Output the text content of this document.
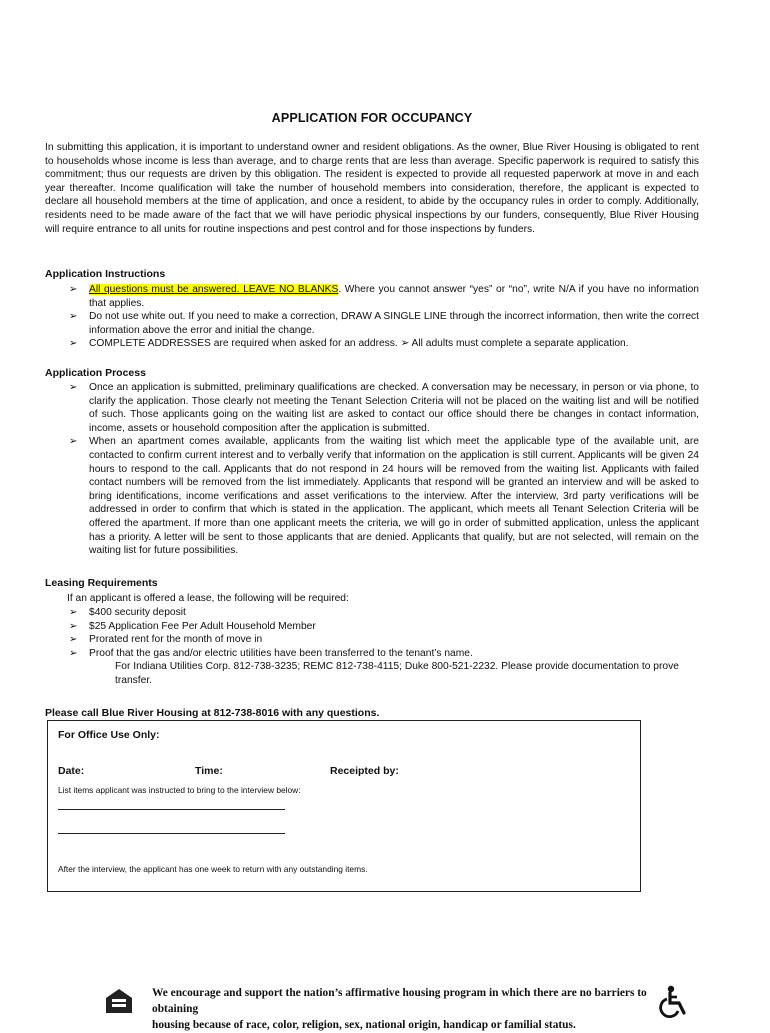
APPLICATION FOR OCCUPANCY
In submitting this application, it is important to understand owner and resident obligations. As the owner, Blue River Housing is obligated to rent to households whose income is less than average, and to charge rents that are less than average. Specific paperwork is required to satisfy this commitment; thus our requests are driven by this obligation. The resident is expected to provide all requested paperwork at move in and each year thereafter. Income qualification will take the number of household members into consideration, therefore, the applicant is expected to declare all household members at the time of application, and once a resident, to abide by the occupancy rules in order to comply. Additionally, residents need to be made aware of the fact that we will have periodic physical inspections by our funders, consequently, Blue River Housing will require entrance to all units for routine inspections and pest control and for those inspections by funders.
Application Instructions
➢ All questions must be answered. LEAVE NO BLANKS. Where you cannot answer “yes” or “no”, write N/A if you have no information that applies.
➢ Do not use white out. If you need to make a correction, DRAW A SINGLE LINE through the incorrect information, then write the correct information above the error and initial the change.
➢ COMPLETE ADDRESSES are required when asked for an address. ➢ All adults must complete a separate application.
Application Process
➢ Once an application is submitted, preliminary qualifications are checked. A conversation may be necessary, in person or via phone, to clarify the application. Those clearly not meeting the Tenant Selection Criteria will not be placed on the waiting list and will be notified of such. Those applicants going on the waiting list are asked to contact our office should there be changes in contact information, income, assets or household composition after the application is submitted.
➢ When an apartment comes available, applicants from the waiting list which meet the applicable type of the available unit, are contacted to confirm current interest and to verbally verify that information on the application is still current. Applicants will be given 24 hours to respond to the call. Applicants that do not respond in 24 hours will be removed from the waiting list. Applicants with failed contact numbers will be removed from the list immediately. Applicants that respond will be granted an interview and will be asked to bring identifications, income verifications and asset verifications to the interview. After the interview, 3rd party verifications will be addressed in order to confirm that which is stated in the application. The applicant, which meets all Tenant Selection Criteria will be offered the apartment. If more than one applicant meets the criteria, we will go in order of submitted application, unless the applicant has a priority. A letter will be sent to those applicants that are denied. Applicants that qualify, but are not selected, will remain on the waiting list for future possibilities.
Leasing Requirements
If an applicant is offered a lease, the following will be required:
➢ $400 security deposit
➢ $25 Application Fee Per Adult Household Member
➢ Prorated rent for the month of move in
➢ Proof that the gas and/or electric utilities have been transferred to the tenant’s name.
For Indiana Utilities Corp. 812-738-3235; REMC 812-738-4115; Duke 800-521-2232. Please provide documentation to prove transfer.
Please call Blue River Housing at 812-738-8016 with any questions.
For Office Use Only:
Date:	Time:	Receipted by:
List items applicant was instructed to bring to the interview below:
After the interview, the applicant has one week to return with any outstanding items.
We encourage and support the nation’s affirmative housing program in which there are no barriers to obtaining
housing because of race, color, religion, sex, national origin, handicap or familial status.
